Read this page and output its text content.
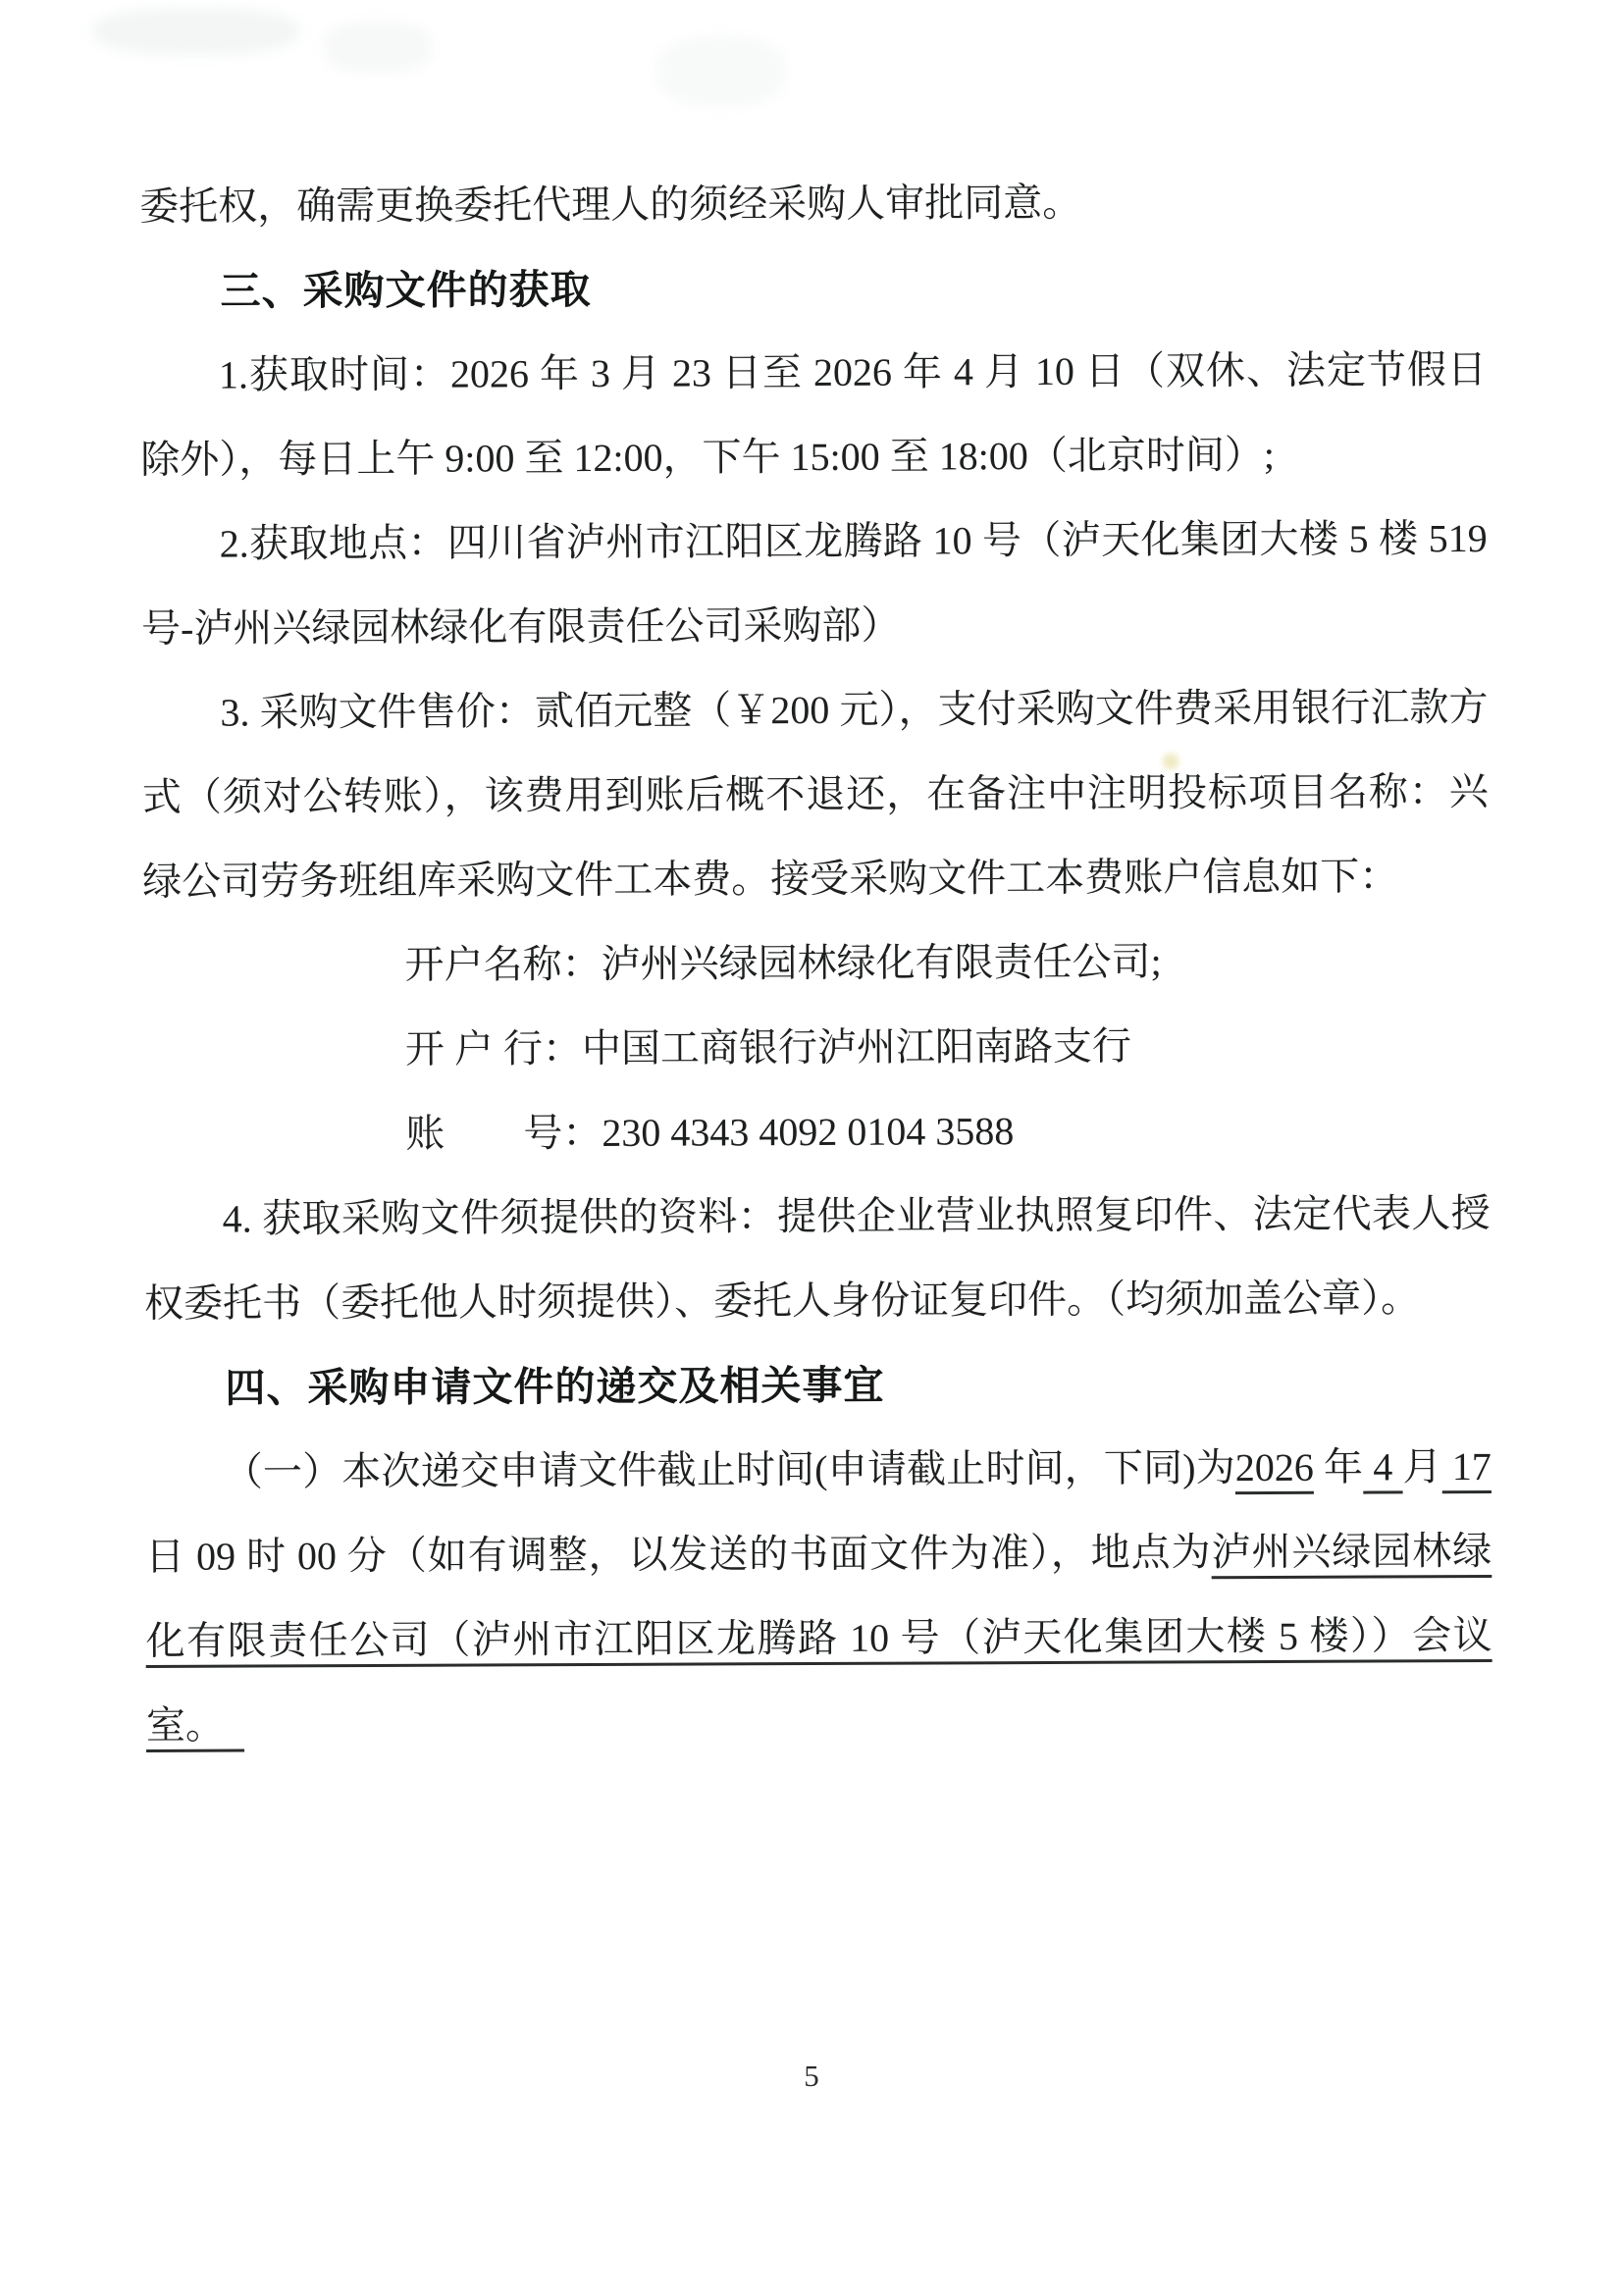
委托权，确需更换委托代理人的须经采购人审批同意。

三、采购文件的获取

1.获取时间：2026 年 3 月 23 日至 2026 年 4 月 10 日（双休、法定节假日除外），每日上午 9:00 至 12:00，下午 15:00 至 18:00（北京时间）;

2.获取地点：四川省泸州市江阳区龙腾路 10 号（泸天化集团大楼 5 楼 519 号-泸州兴绿园林绿化有限责任公司采购部）

3. 采购文件售价：贰佰元整（￥200 元），支付采购文件费采用银行汇款方式（须对公转账），该费用到账后概不退还，在备注中注明投标项目名称：兴绿公司劳务班组库采购文件工本费。接受采购文件工本费账户信息如下：

开户名称：泸州兴绿园林绿化有限责任公司;

开 户 行：中国工商银行泸州江阳南路支行

账　　号：230 4343 4092 0104 3588

4. 获取采购文件须提供的资料：提供企业营业执照复印件、法定代表人授权委托书（委托他人时须提供）、委托人身份证复印件。（均须加盖公章）。

四、采购申请文件的递交及相关事宜

（一）本次递交申请文件截止时间(申请截止时间，下同)为2026 年 4 月 17 日 09 时 00 分（如有调整，以发送的书面文件为准），地点为泸州兴绿园林绿化有限责任公司（泸州市江阳区龙腾路 10 号（泸天化集团大楼 5 楼））会议室。

5
